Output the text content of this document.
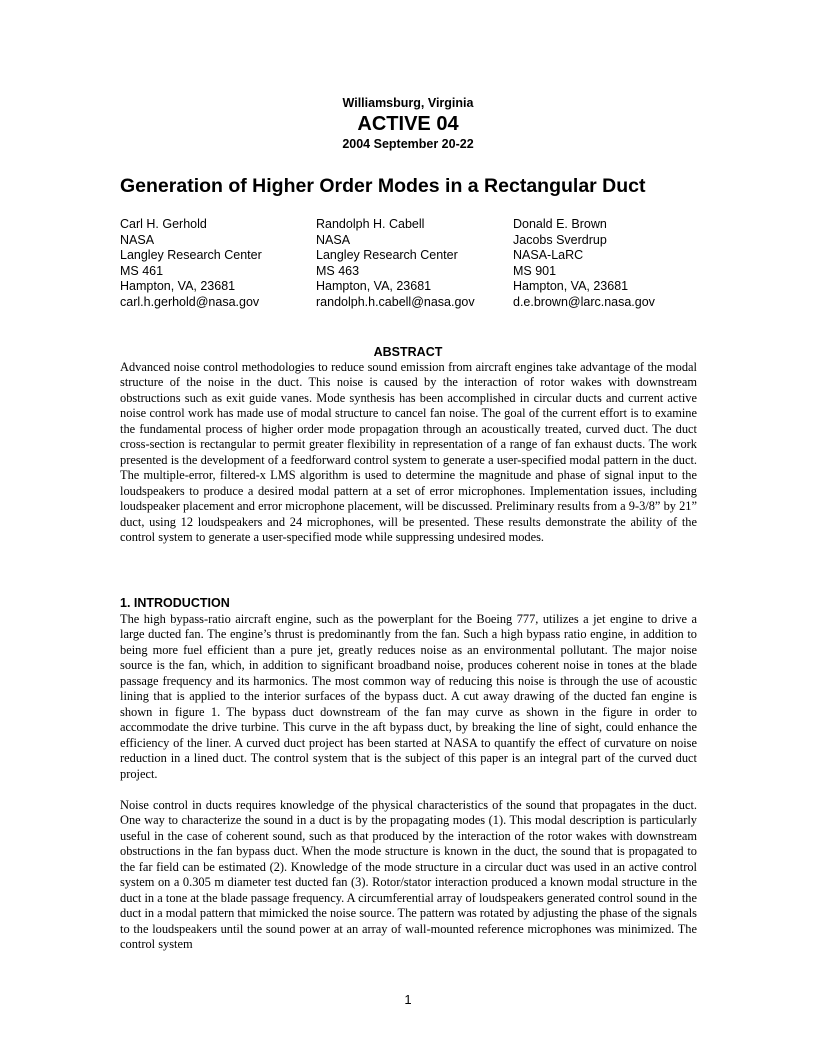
Williamsburg, Virginia
ACTIVE 04
2004 September 20-22
Generation of Higher Order Modes in a Rectangular Duct
Carl H. Gerhold
NASA
Langley Research Center
MS 461
Hampton, VA, 23681
carl.h.gerhold@nasa.gov
Randolph H. Cabell
NASA
Langley Research Center
MS 463
Hampton, VA, 23681
randolph.h.cabell@nasa.gov
Donald E. Brown
Jacobs Sverdrup
NASA-LaRC
MS 901
Hampton, VA, 23681
d.e.brown@larc.nasa.gov
ABSTRACT

Advanced noise control methodologies to reduce sound emission from aircraft engines take advantage of the modal structure of the noise in the duct. This noise is caused by the interaction of rotor wakes with downstream obstructions such as exit guide vanes. Mode synthesis has been accomplished in circular ducts and current active noise control work has made use of modal structure to cancel fan noise. The goal of the current effort is to examine the fundamental process of higher order mode propagation through an acoustically treated, curved duct. The duct cross-section is rectangular to permit greater flexibility in representation of a range of fan exhaust ducts. The work presented is the development of a feedforward control system to generate a user-specified modal pattern in the duct. The multiple-error, filtered-x LMS algorithm is used to determine the magnitude and phase of signal input to the loudspeakers to produce a desired modal pattern at a set of error microphones. Implementation issues, including loudspeaker placement and error microphone placement, will be discussed. Preliminary results from a 9-3/8” by 21” duct, using 12 loudspeakers and 24 microphones, will be presented. These results demonstrate the ability of the control system to generate a user-specified mode while suppressing undesired modes.

1. INTRODUCTION

The high bypass-ratio aircraft engine, such as the powerplant for the Boeing 777, utilizes a jet engine to drive a large ducted fan. The engine’s thrust is predominantly from the fan. Such a high bypass ratio engine, in addition to being more fuel efficient than a pure jet, greatly reduces noise as an environmental pollutant. The major noise source is the fan, which, in addition to significant broadband noise, produces coherent noise in tones at the blade passage frequency and its harmonics. The most common way of reducing this noise is through the use of acoustic lining that is applied to the interior surfaces of the bypass duct. A cut away drawing of the ducted fan engine is shown in figure 1. The bypass duct downstream of the fan may curve as shown in the figure in order to accommodate the drive turbine. This curve in the aft bypass duct, by breaking the line of sight, could enhance the efficiency of the liner. A curved duct project has been started at NASA to quantify the effect of curvature on noise reduction in a lined duct. The control system that is the subject of this paper is an integral part of the curved duct project.

Noise control in ducts requires knowledge of the physical characteristics of the sound that propagates in the duct. One way to characterize the sound in a duct is by the propagating modes (1). This modal description is particularly useful in the case of coherent sound, such as that produced by the interaction of the rotor wakes with downstream obstructions in the fan bypass duct. When the mode structure is known in the duct, the sound that is propagated to the far field can be estimated (2). Knowledge of the mode structure in a circular duct was used in an active control system on a 0.305 m diameter test ducted fan (3). Rotor/stator interaction produced a known modal structure in the duct in a tone at the blade passage frequency. A circumferential array of loudspeakers generated control sound in the duct in a modal pattern that mimicked the noise source. The pattern was rotated by adjusting the phase of the signals to the loudspeakers until the sound power at an array of wall-mounted reference microphones was minimized. The control system

1
